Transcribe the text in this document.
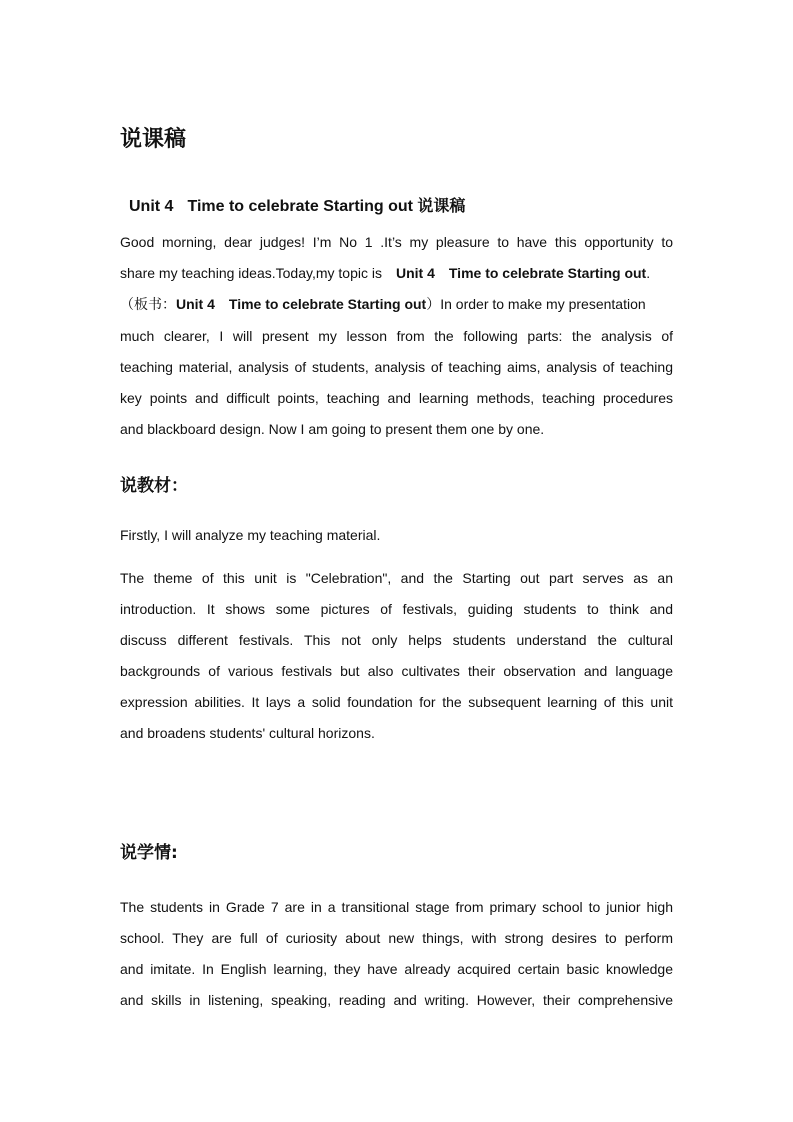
说课稿
Unit 4 Time to celebrate Starting out 说课稿
Good morning, dear judges! I’m No 1 .It’s my pleasure to have this opportunity to
share my teaching ideas.Today,my topic is Unit 4 Time to celebrate Starting out.
（板书：Unit 4 Time to celebrate Starting out）In order to make my presentation
much clearer, I will present my lesson from the following parts: the analysis of
teaching material, analysis of students, analysis of teaching aims, analysis of teaching
key points and difficult points, teaching and learning methods, teaching procedures
and blackboard design. Now I am going to present them one by one.
说教材：
Firstly, I will analyze my teaching material.
The theme of this unit is "Celebration", and the Starting out part serves as an
introduction. It shows some pictures of festivals, guiding students to think and
discuss different festivals. This not only helps students understand the cultural
backgrounds of various festivals but also cultivates their observation and language
expression abilities. It lays a solid foundation for the subsequent learning of this unit
and broadens students' cultural horizons.
说学情:
The students in Grade 7 are in a transitional stage from primary school to junior high
school. They are full of curiosity about new things, with strong desires to perform
and imitate. In English learning, they have already acquired certain basic knowledge
and skills in listening, speaking, reading and writing. However, their comprehensive
